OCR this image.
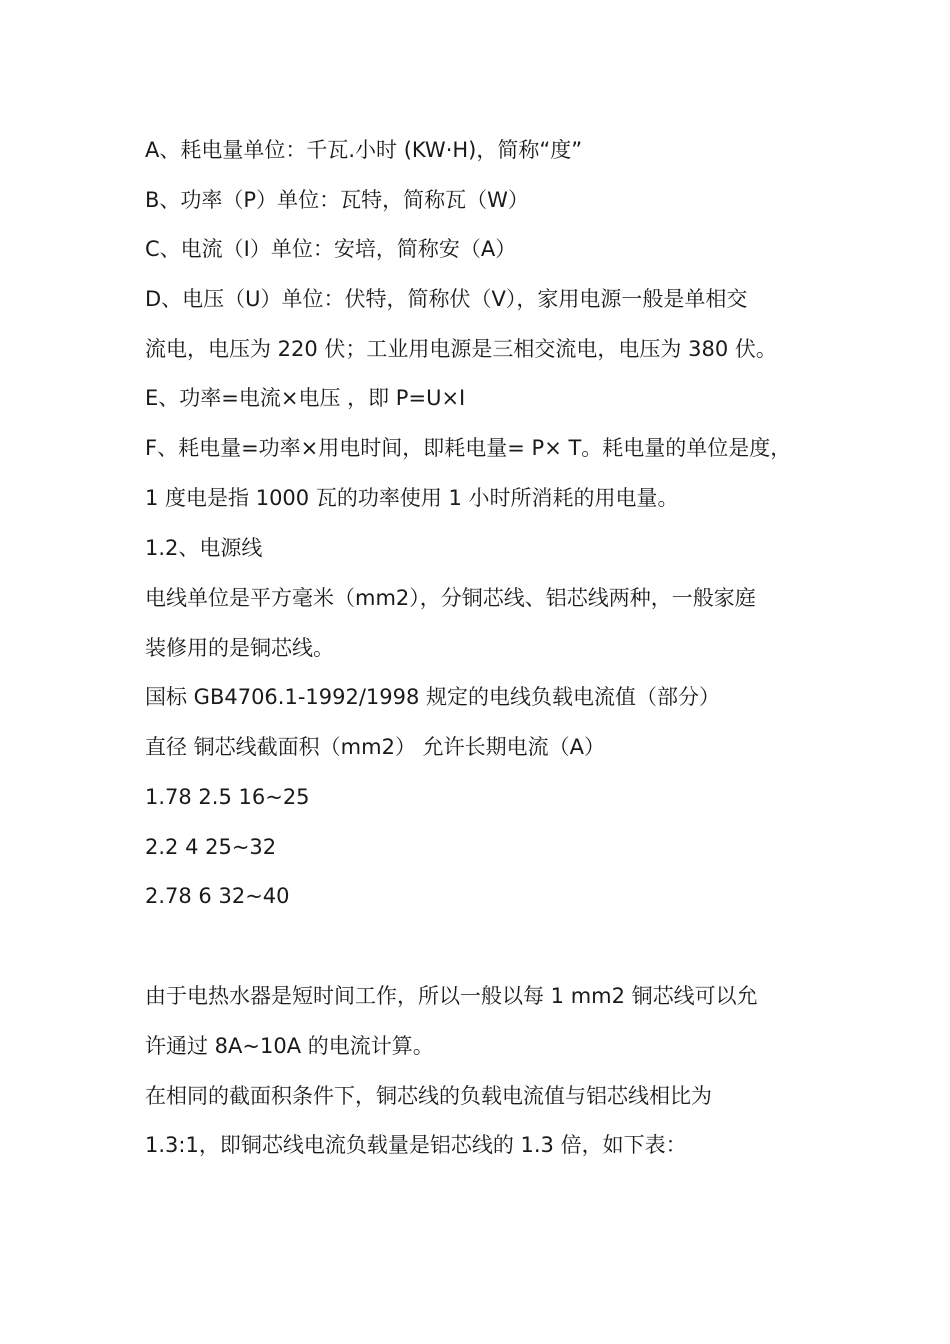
A、耗电量单位：千瓦.小时 (KW·H)，简称“度”
B、功率（P）单位：瓦特，简称瓦（W）
C、电流（I）单位：安培，简称安（A）
D、电压（U）单位：伏特，简称伏（V），家用电源一般是单相交
流电，电压为 220 伏；工业用电源是三相交流电，电压为 380 伏。
E、功率=电流×电压 ，即 P=U×I
F、耗电量=功率×用电时间，即耗电量= P× T。耗电量的单位是度，
1 度电是指 1000 瓦的功率使用 1 小时所消耗的用电量。
1.2、电源线
电线单位是平方毫米（mm2），分铜芯线、铝芯线两种，一般家庭
装修用的是铜芯线。
国标 GB4706.1-1992/1998 规定的电线负载电流值（部分）
直径 铜芯线截面积（mm2） 允许长期电流（A）
1.78 2.5 16~25
2.2 4 25~32
2.78 6 32~40
由于电热水器是短时间工作，所以一般以每 1 mm2 铜芯线可以允
许通过 8A~10A 的电流计算。
在相同的截面积条件下，铜芯线的负载电流值与铝芯线相比为
1.3:1，即铜芯线电流负载量是铝芯线的 1.3 倍，如下表：
